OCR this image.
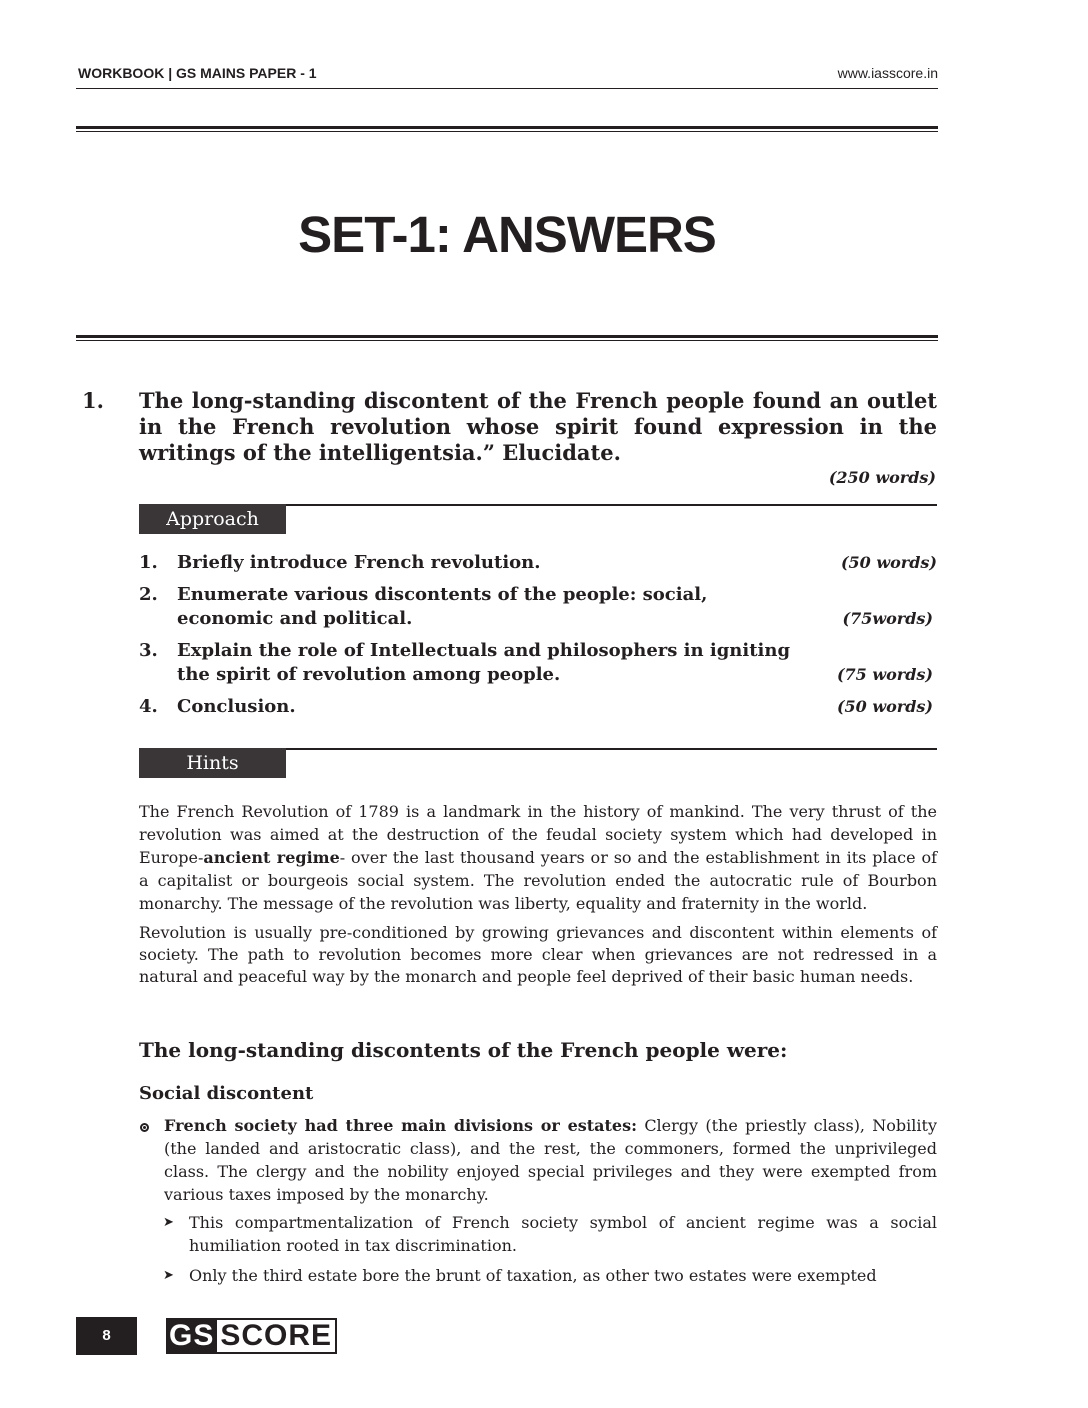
WORKBOOK | GS MAINS PAPER - 1	www.iasscore.in
SET-1: ANSWERS
1. The long-standing discontent of the French people found an outlet in the French revolution whose spirit found expression in the writings of the intelligentsia.” Elucidate.
(250 words)
Approach
1. Briefly introduce French revolution.	(50 words)
2. Enumerate various discontents of the people: social, economic and political.	(75words)
3. Explain the role of Intellectuals and philosophers in igniting the spirit of revolution among people.	(75 words)
4. Conclusion.	(50 words)
Hints

The French Revolution of 1789 is a landmark in the history of mankind. The very thrust of the revolution was aimed at the destruction of the feudal society system which had developed in Europe-ancient regime- over the last thousand years or so and the establishment in its place of a capitalist or bourgeois social system. The revolution ended the autocratic rule of Bourbon monarchy. The message of the revolution was liberty, equality and fraternity in the world.

Revolution is usually pre-conditioned by growing grievances and discontent within elements of society. The path to revolution becomes more clear when grievances are not redressed in a natural and peaceful way by the monarch and people feel deprived of their basic human needs.

The long-standing discontents of the French people were:
Social discontent

French society had three main divisions or estates: Clergy (the priestly class), Nobility (the landed and aristocratic class), and the rest, the commoners, formed the unprivileged class. The clergy and the nobility enjoyed special privileges and they were exempted from various taxes imposed by the monarchy.

➤ This compartmentalization of French society symbol of ancient regime was a social humiliation rooted in tax discrimination.

➤ Only the third estate bore the brunt of taxation, as other two estates were exempted

8	GS SCORE
